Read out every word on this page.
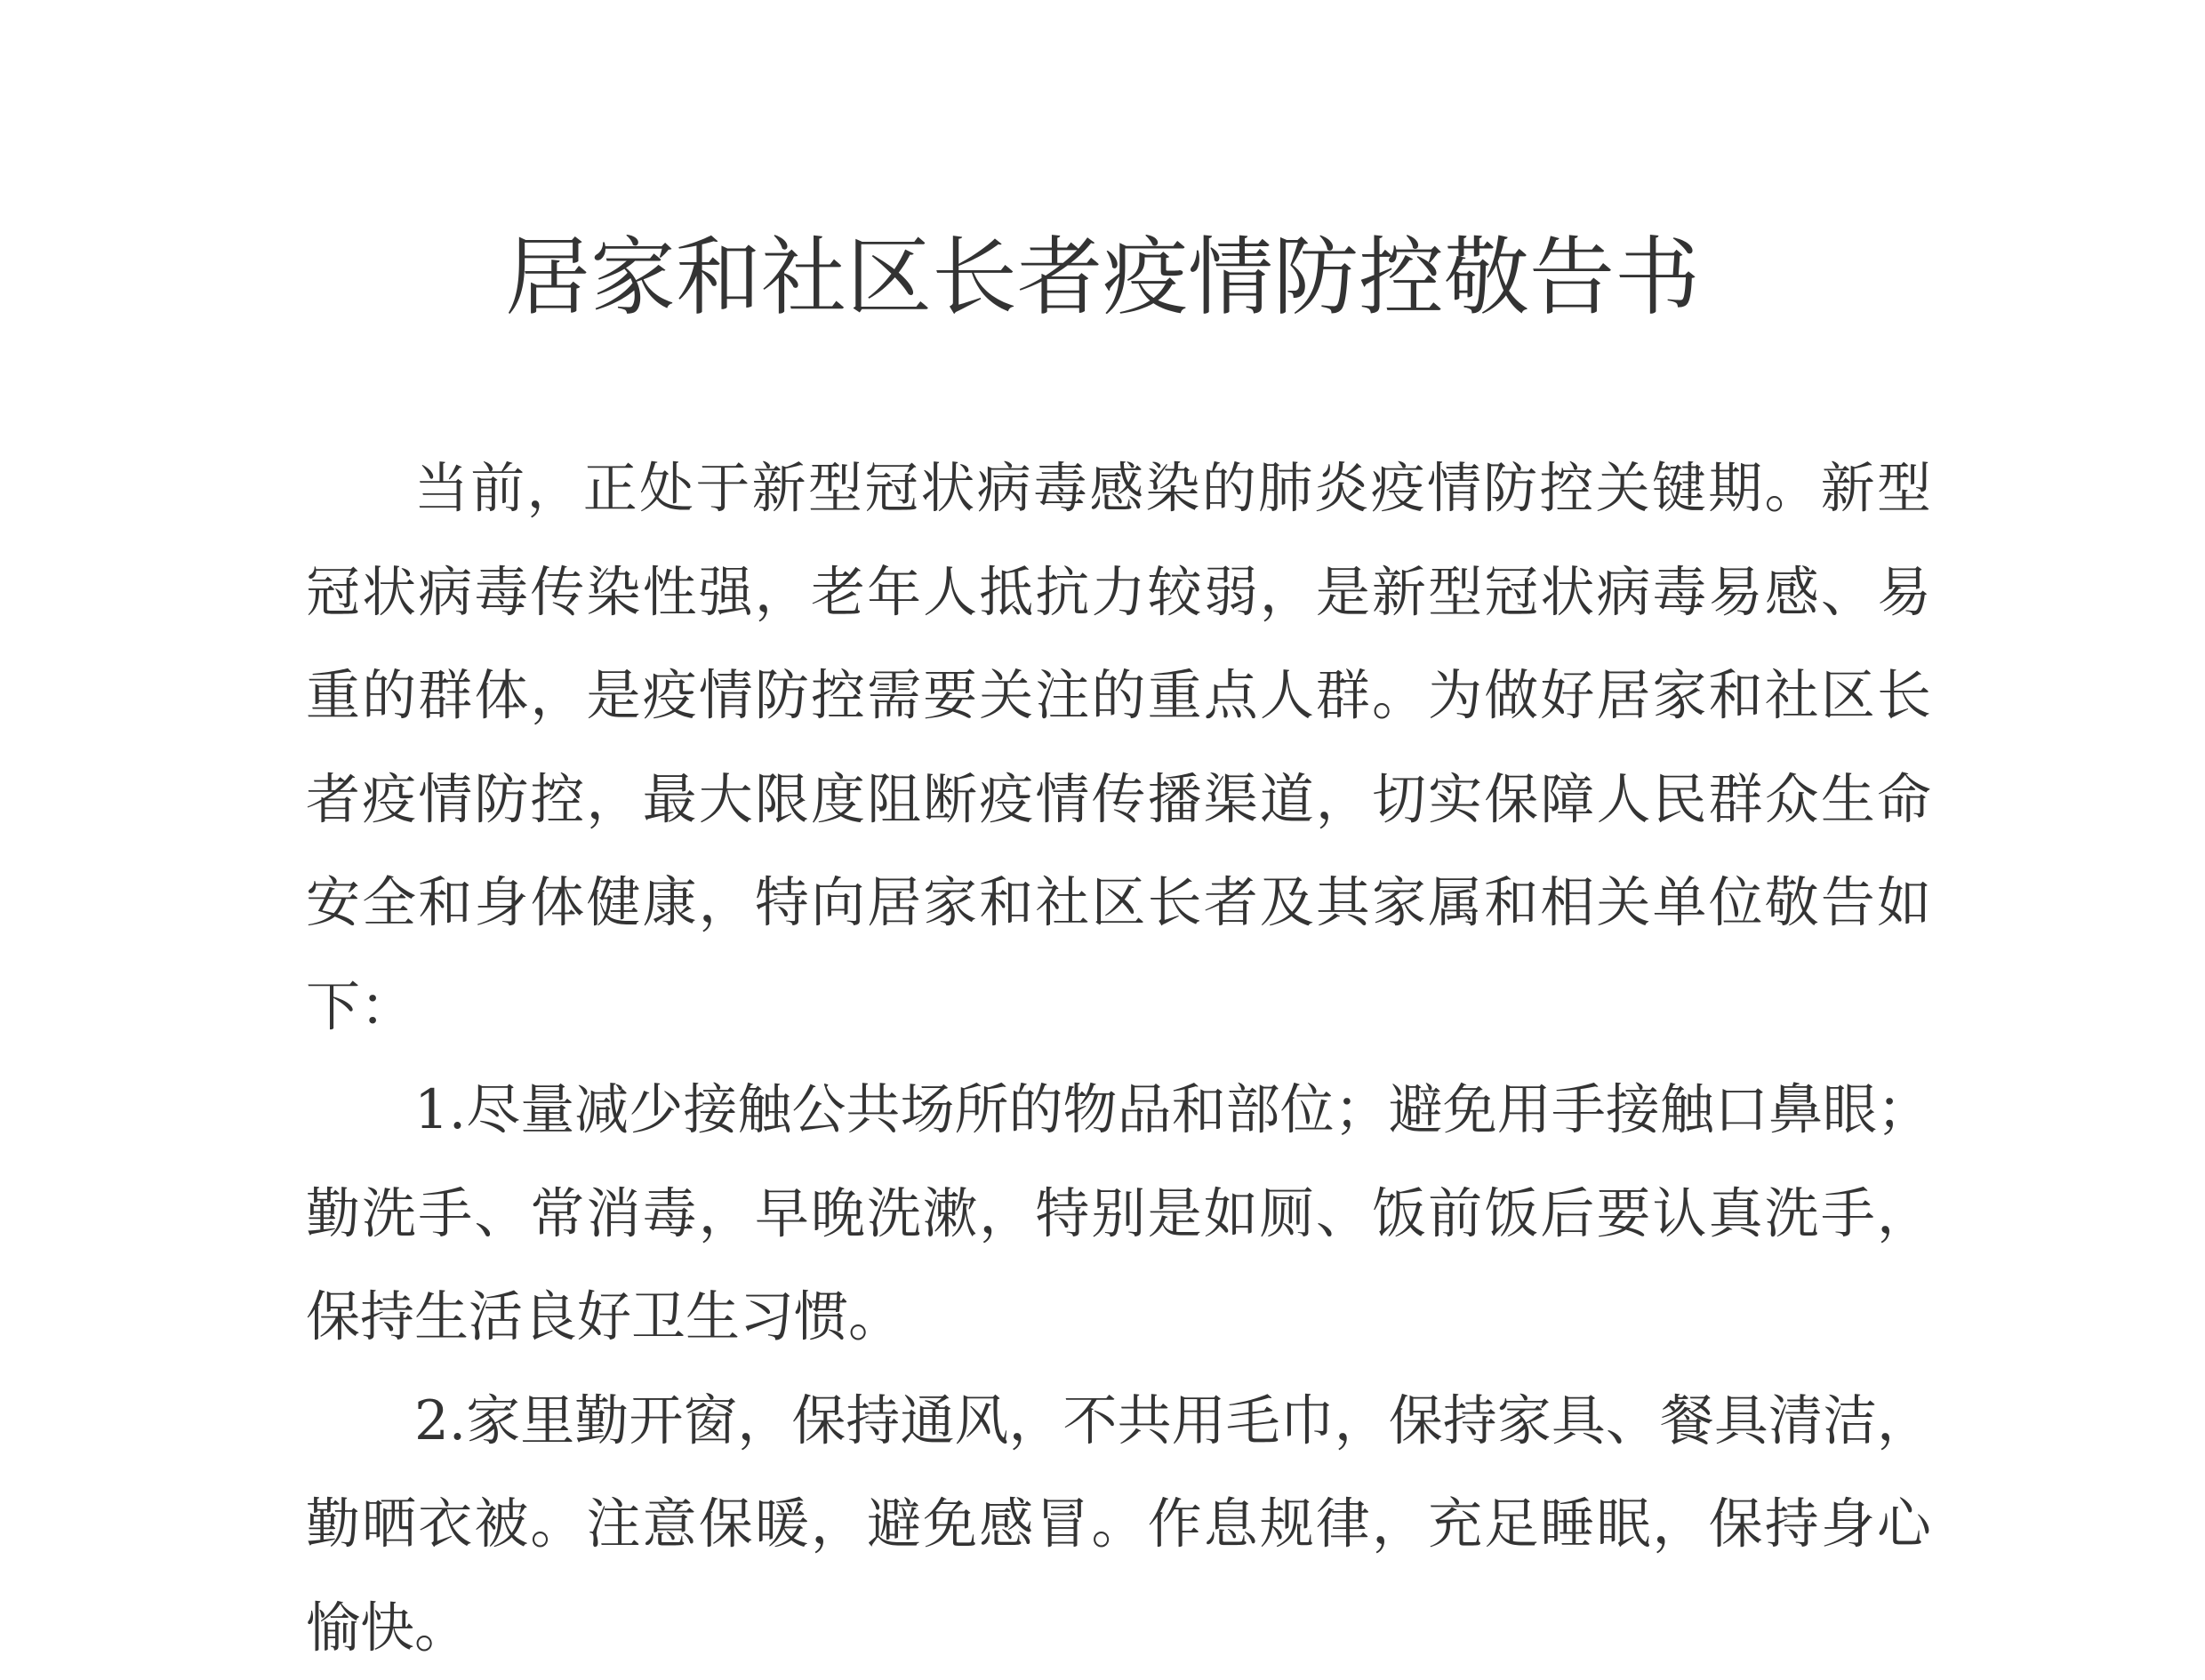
居家和社区长者疫情防控敬告书

当前，正处于新型冠状病毒感染的肺炎疫情防控关键期。新型冠状病毒传染性强，老年人抵抗力较弱，是新型冠状病毒易感、易重的群体，是疫情防控需要关注的重点人群。为做好居家和社区长者疫情防控，最大限度阻断疫情传播渠道，切实保障人民群众生命安全和身体健康，特向居家和社区长者及其家属和相关单位敬告如下：

1.尽量减少接触公共场所的物品和部位；避免用手接触口鼻眼；勤洗手、常消毒，早晚洗漱，特别是如厕、饭前饭后要认真洗手，保持生活良好卫生习惯。

2.家里勤开窗，保持通风，不共用毛巾，保持家具、餐具清洁，勤晒衣被。注意保暖，避免感冒。作息规律，充足睡眠，保持身心愉快。
